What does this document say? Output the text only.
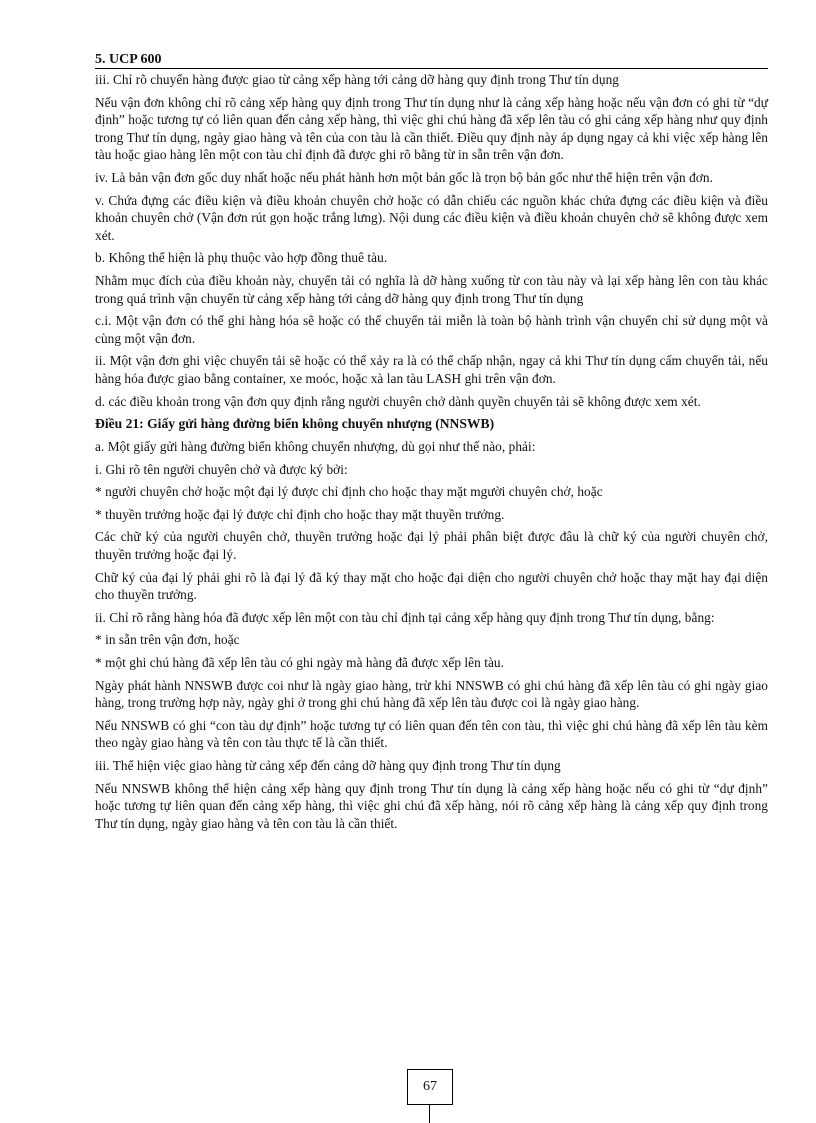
5. UCP 600

iii. Chỉ rõ chuyển hàng được giao từ cảng xếp hàng tới cảng dỡ hàng quy định trong Thư tín dụng

Nếu vận đơn không chỉ rõ cảng xếp hàng quy định trong Thư tín dụng như là cảng xếp hàng hoặc nếu vận đơn có ghi từ “dự định” hoặc tương tự có liên quan đến cảng xếp hàng, thì việc ghi chú hàng đã xếp lên tàu có ghi cảng xếp hàng như quy định trong Thư tín dụng, ngày giao hàng và tên của con tàu là cần thiết. Điều quy định này áp dụng ngay cả khi việc xếp hàng lên tàu hoặc giao hàng lên một con tàu chỉ định đã được ghi rõ bằng từ in sẵn trên vận đơn.

iv. Là bản vận đơn gốc duy nhất hoặc nếu phát hành hơn một bản gốc là trọn bộ bản gốc như thể hiện trên vận đơn.

v. Chứa đựng các điều kiện và điều khoản chuyên chở hoặc có dẫn chiếu các nguồn khác chứa đựng các điều kiện và điều khoản chuyên chở (Vận đơn rút gọn hoặc trắng lưng). Nội dung các điều kiện và điều khoản chuyên chở sẽ không được xem xét.

b. Không thể hiện là phụ thuộc vào hợp đồng thuê tàu.

Nhằm mục đích của điều khoản này, chuyển tải có nghĩa là dỡ hàng xuống từ con tàu này và lại xếp hàng lên con tàu khác trong quá trình vận chuyển từ cảng xếp hàng tới cảng dỡ hàng quy định trong Thư tín dụng

c.i. Một vận đơn có thể ghi hàng hóa sẽ hoặc có thể chuyển tải miễn là toàn bộ hành trình vận chuyển chỉ sử dụng một và cùng một vận đơn.

ii. Một vận đơn ghi việc chuyển tải sẽ hoặc có thể xảy ra là có thể chấp nhận, ngay cả khi Thư tín dụng cấm chuyển tải, nếu hàng hóa được giao bằng container, xe moóc, hoặc xà lan tàu LASH ghi trên vận đơn.

d. các điều khoản trong vận đơn quy định rằng người chuyên chở dành quyền chuyển tải sẽ không được xem xét.

Điều 21: Giấy gửi hàng đường biển không chuyển nhượng (NNSWB)

a. Một giấy gửi hàng đường biển không chuyển nhượng, dù gọi như thế nào, phải:

i. Ghi rõ tên người chuyên chở và được ký bởi:

* người chuyên chở hoặc một đại lý được chỉ định cho hoặc thay mặt mgười chuyên chở, hoặc

* thuyền trưởng hoặc đại lý được chỉ định cho hoặc thay mặt thuyền trưởng.

Các chữ ký của người chuyên chở, thuyền trưởng hoặc đại lý phải phân biệt được đâu là chữ ký của người chuyên chở, thuyền trưởng hoặc đại lý.

Chữ ký của đại lý phải ghi rõ là đại lý đã ký thay mặt cho hoặc đại diện cho người chuyên chở hoặc thay mặt hay đại diện cho thuyền trưởng.

ii. Chỉ rõ rằng hàng hóa đã được xếp lên một con tàu chỉ định tại cảng xếp hàng quy định trong Thư tín dụng, bằng:

* in sẵn trên vận đơn, hoặc

* một ghi chú hàng đã xếp lên tàu có ghi ngày mà hàng đã được xếp lên tàu.

Ngày phát hành NNSWB được coi như là ngày giao hàng, trừ khi NNSWB có ghi chú hàng đã xếp lên tàu có ghi ngày giao hàng, trong trường hợp này, ngày ghi ở trong ghi chú hàng đã xếp lên tàu được coi là ngày giao hàng.

Nếu NNSWB có ghi “con tàu dự định” hoặc tương tự có liên quan đến tên con tàu, thì việc ghi chú hàng đã xếp lên tàu kèm theo ngày giao hàng và tên con tàu thực tế là cần thiết.

iii. Thể hiện việc giao hàng từ cảng xếp đến cảng dỡ hàng quy định trong Thư tín dụng

Nếu NNSWB không thể hiện cảng xếp hàng quy định trong Thư tín dụng là cảng xếp hàng hoặc nếu có ghi từ “dự định” hoặc tương tự liên quan đến cảng xếp hàng, thì việc ghi chú đã xếp hàng, nói rõ cảng xếp hàng là cảng xếp quy định trong Thư tín dụng, ngày giao hàng và tên con tàu là cần thiết.

67
